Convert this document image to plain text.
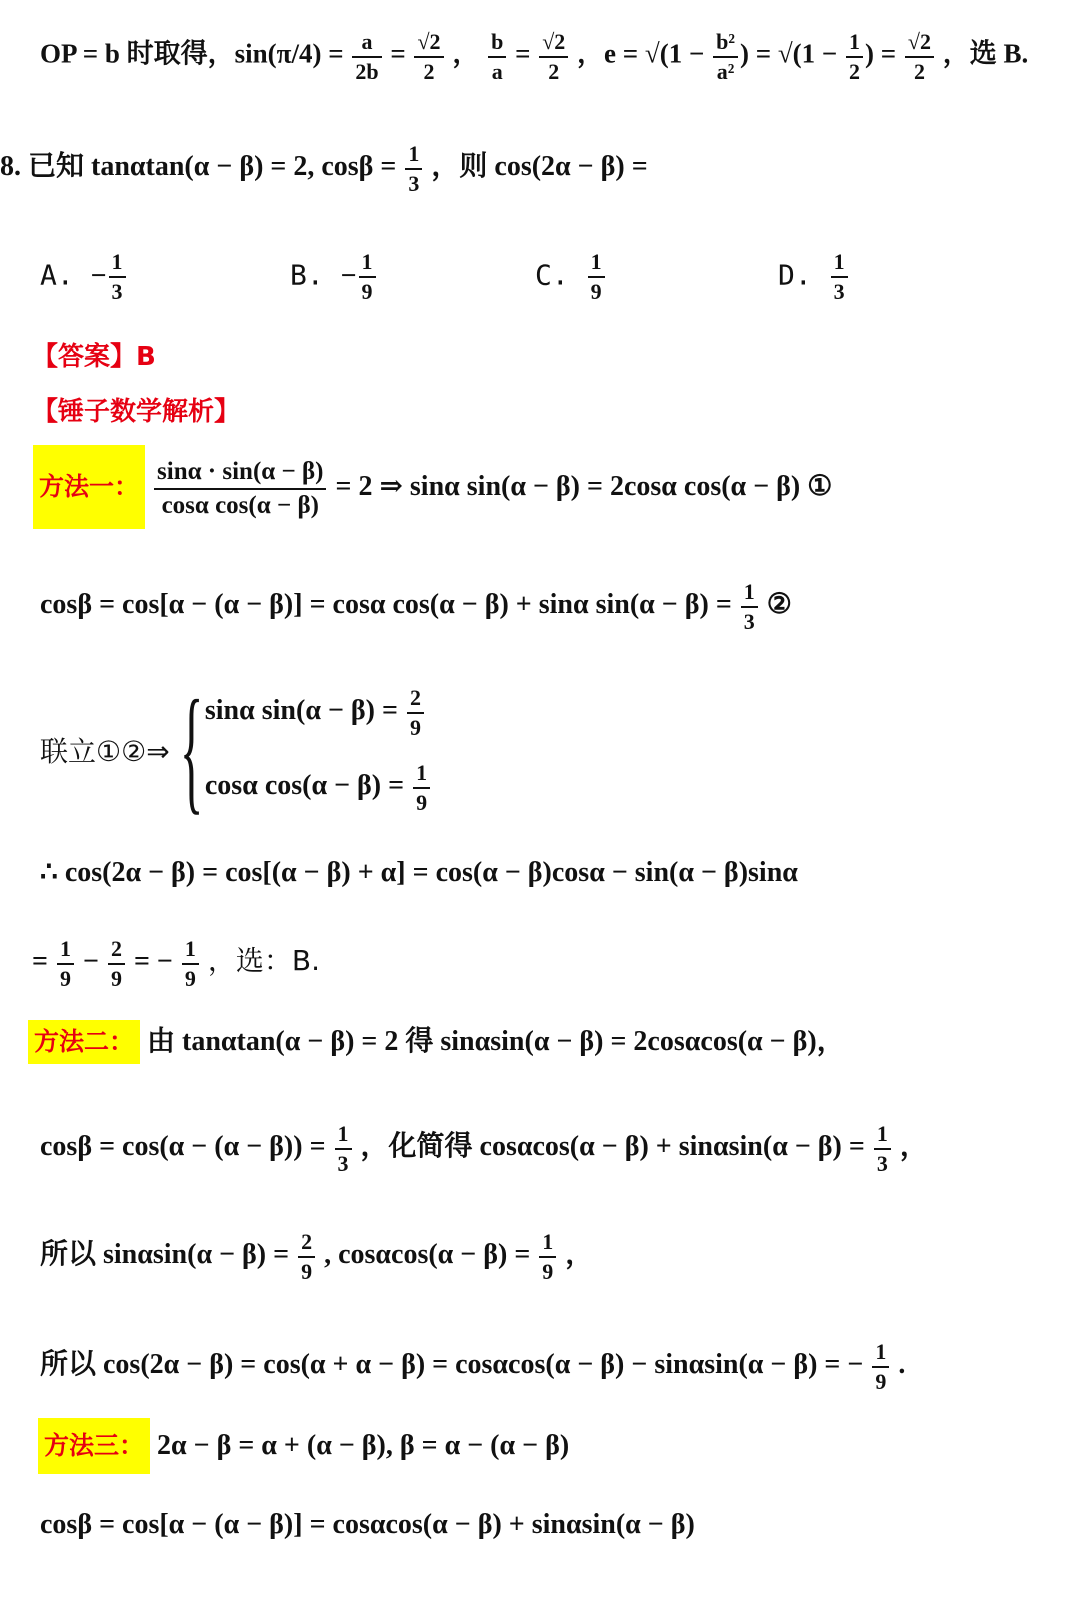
OP = b 时取得，$\sin(\pi/4) = \frac{a}{2b} = \frac{√2}{2}$ ， $\frac{b}{a} = \frac{√2}{2}$ ，$e = √(1 - \frac{\text{b²}}{\text{a²}}$ ) = $√(1 - \frac{1}{2}$ ) = $\frac{√2}{2}$ ，选 B.
8. 已知 tanαtan(α − β) = 2, $\cos\beta = \frac{1}{3}$ ，则 cos(2α − β) =
A. − $\frac{1}{3}$	B. − $\frac{1}{9}$	C. $\frac{1}{9}$	D. $\frac{1}{3}$
【答案】B
【锤子数学解析】
方法一： $\frac{\sin\alpha \cdot \sin(\alpha - \beta)}{\text{cosα cos(α − β)}} = 2$ ⇒ sinα sin(α − β) = 2cosα cos(α − β) ①
cosβ = cos[α − (α − β)] = cosα cos(α − β) + sinα $\sin(\alpha - \beta) = \frac{1}{3}$ ②
联立①②⇒ { sinα $\sin(\alpha - \beta) = \frac{2}{9}$
cosα $\cos(\alpha - \beta) = \frac{1}{9}$
∴ cos(2α − β) = cos[(α − β) + α] = cos(α − β)cosα − sin(α − β)sinα
= $\frac{1}{9} - \frac{2}{9}$ = − $\frac{1}{9}$ ，选：B.
方法二： 由 tanαtan(α − β) = 2 得 sinαsin(α − β) = 2cosαcos(α − β)，
$\cos\beta = \cos(\alpha - (\alpha - \beta)) = \frac{1}{3}$ ，化简得 $\cos\alpha\cos(\alpha - \beta) + \sin\alpha\sin(\alpha - \beta) = \frac{1}{3}$ ，
所以 $\sin\alpha\sin(\alpha - \beta) = \frac{2}{9}$ , $\cos\alpha\cos(\alpha - \beta) = \frac{1}{9}$ ，
所以 cos(2α − β) = cos(α + α − β) = cosαcos(α − β) − sinαsin(α − β) = − $\frac{1}{9}$ .
方法三： 2α − β = α + (α − β), β = α − (α − β)
cosβ = cos[α − (α − β)] = cosαcos(α − β) + sinαsin(α − β)
